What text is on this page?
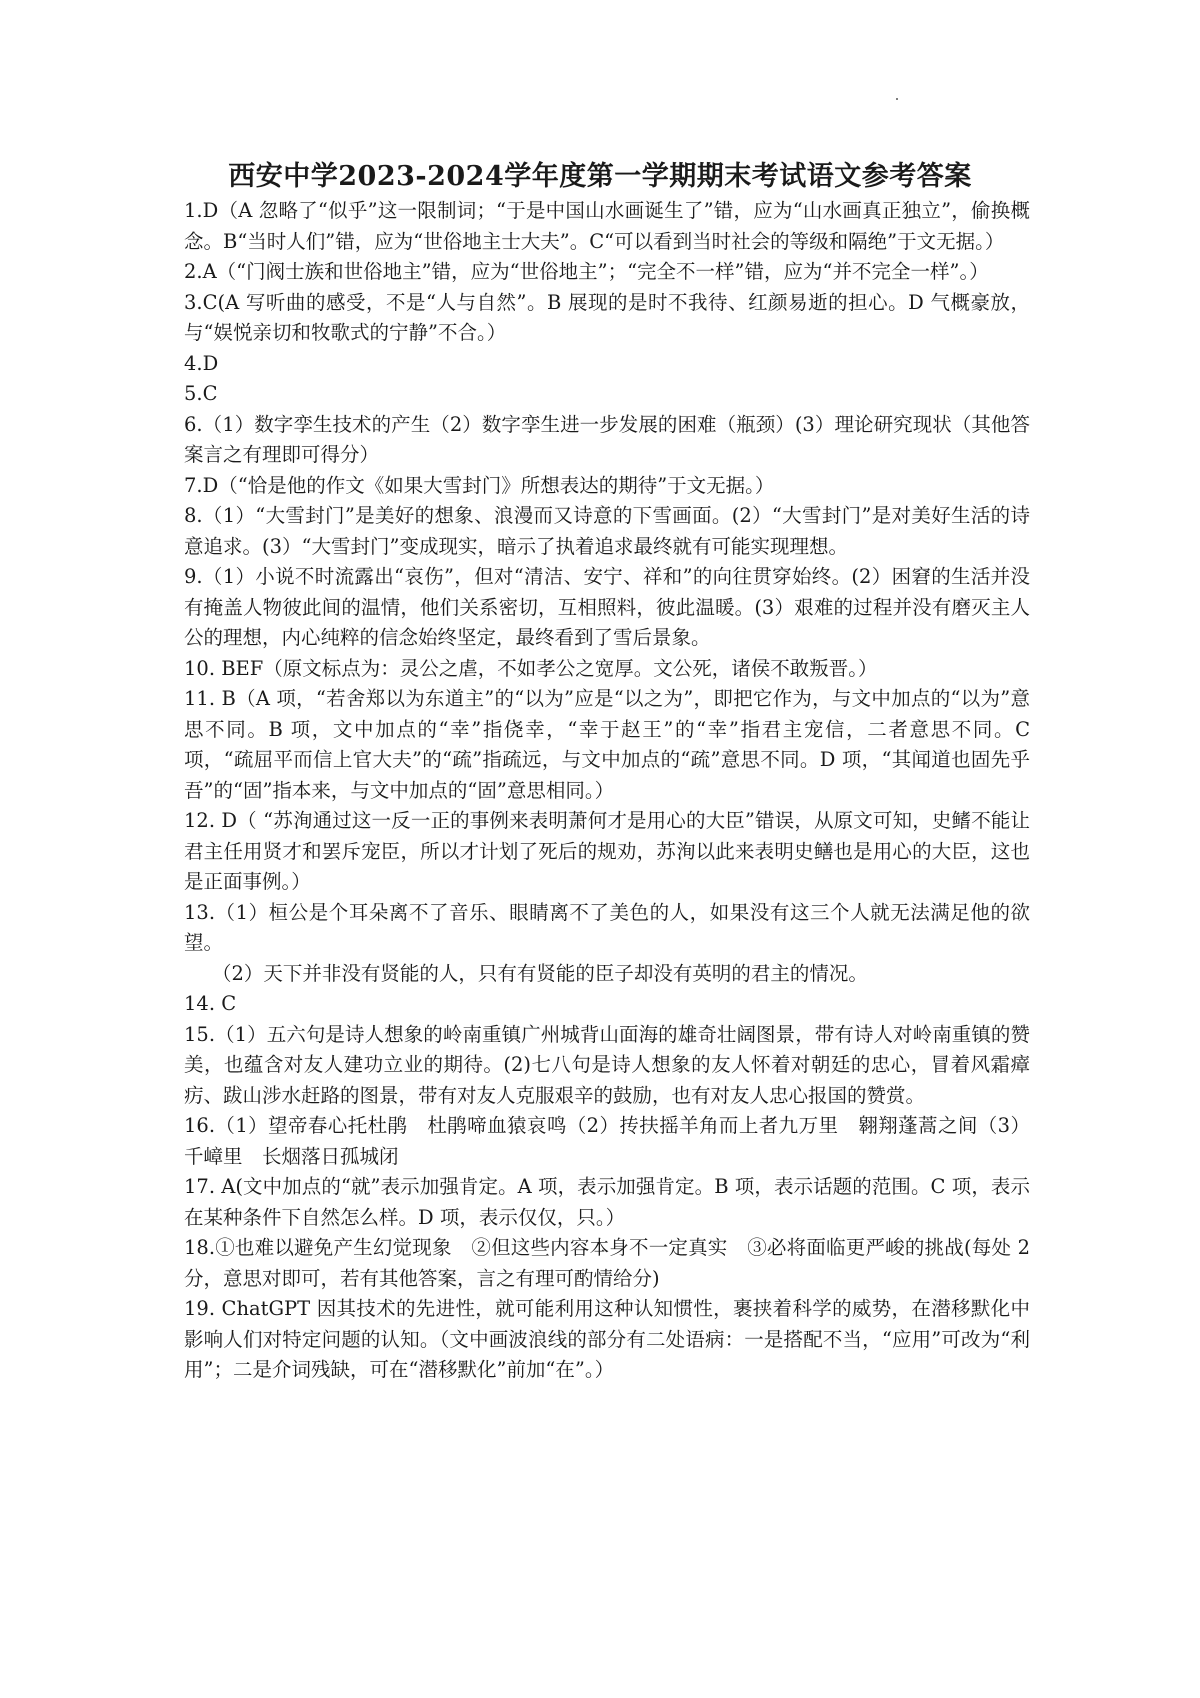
西安中学2023-2024学年度第一学期期末考试语文参考答案

1.D（A 忽略了“似乎”这一限制词；“于是中国山水画诞生了”错，应为“山水画真正独立”，偷换概念。B“当时人们”错，应为“世俗地主士大夫”。C“可以看到当时社会的等级和隔绝”于文无据。）

2.A（“门阀士族和世俗地主”错，应为“世俗地主”；“完全不一样”错，应为“并不完全一样”。）

3.C(A 写听曲的感受，不是“人与自然”。B 展现的是时不我待、红颜易逝的担心。D 气概豪放，与“娱悦亲切和牧歌式的宁静”不合。）

4.D

5.C

6.（1）数字孪生技术的产生（2）数字孪生进一步发展的困难（瓶颈）(3）理论研究现状（其他答案言之有理即可得分）

7.D（“恰是他的作文《如果大雪封门》所想表达的期待”于文无据。）

8.（1）“大雪封门”是美好的想象、浪漫而又诗意的下雪画面。(2）“大雪封门”是对美好生活的诗意追求。(3）“大雪封门”变成现实，暗示了执着追求最终就有可能实现理想。

9.（1）小说不时流露出“哀伤”，但对“清洁、安宁、祥和”的向往贯穿始终。(2）困窘的生活并没有掩盖人物彼此间的温情，他们关系密切，互相照料，彼此温暖。(3）艰难的过程并没有磨灭主人公的理想，内心纯粹的信念始终坚定，最终看到了雪后景象。

10. BEF（原文标点为：灵公之虐，不如孝公之宽厚。文公死，诸侯不敢叛晋。）

11. B（A 项，“若舍郑以为东道主”的“以为”应是“以之为”，即把它作为，与文中加点的“以为”意思不同。B 项，文中加点的“幸”指侥幸，“幸于赵王”的“幸”指君主宠信，二者意思不同。C 项，“疏屈平而信上官大夫”的“疏”指疏远，与文中加点的“疏”意思不同。D 项，“其闻道也固先乎吾”的“固”指本来，与文中加点的“固”意思相同。）

12. D（ “苏洵通过这一反一正的事例来表明萧何才是用心的大臣”错误，从原文可知，史鳍不能让君主任用贤才和罢斥宠臣，所以才计划了死后的规劝，苏洵以此来表明史鳝也是用心的大臣，这也是正面事例。）

13.（1）桓公是个耳朵离不了音乐、眼睛离不了美色的人，如果没有这三个人就无法满足他的欲望。

（2）天下并非没有贤能的人，只有有贤能的臣子却没有英明的君主的情况。

14. C

15.（1）五六句是诗人想象的岭南重镇广州城背山面海的雄奇壮阔图景，带有诗人对岭南重镇的赞美，也蕴含对友人建功立业的期待。(2)七八句是诗人想象的友人怀着对朝廷的忠心，冒着风霜瘴疠、跋山涉水赶路的图景，带有对友人克服艰辛的鼓励，也有对友人忠心报国的赞赏。

16.（1）望帝春心托杜鹃　杜鹃啼血猿哀鸣（2）抟扶摇羊角而上者九万里　翱翔蓬蒿之间（3）千嶂里　长烟落日孤城闭

17. A(文中加点的“就”表示加强肯定。A 项，表示加强肯定。B 项，表示话题的范围。C 项，表示在某种条件下自然怎么样。D 项，表示仅仅，只。）

18.①也难以避免产生幻觉现象　②但这些内容本身不一定真实　③必将面临更严峻的挑战(每处 2 分，意思对即可，若有其他答案，言之有理可酌情给分)

19. ChatGPT 因其技术的先进性，就可能利用这种认知惯性，裹挟着科学的威势，在潜移默化中影响人们对特定问题的认知。（文中画波浪线的部分有二处语病：一是搭配不当，“应用”可改为“利用”；二是介词残缺，可在“潜移默化”前加“在”。）
